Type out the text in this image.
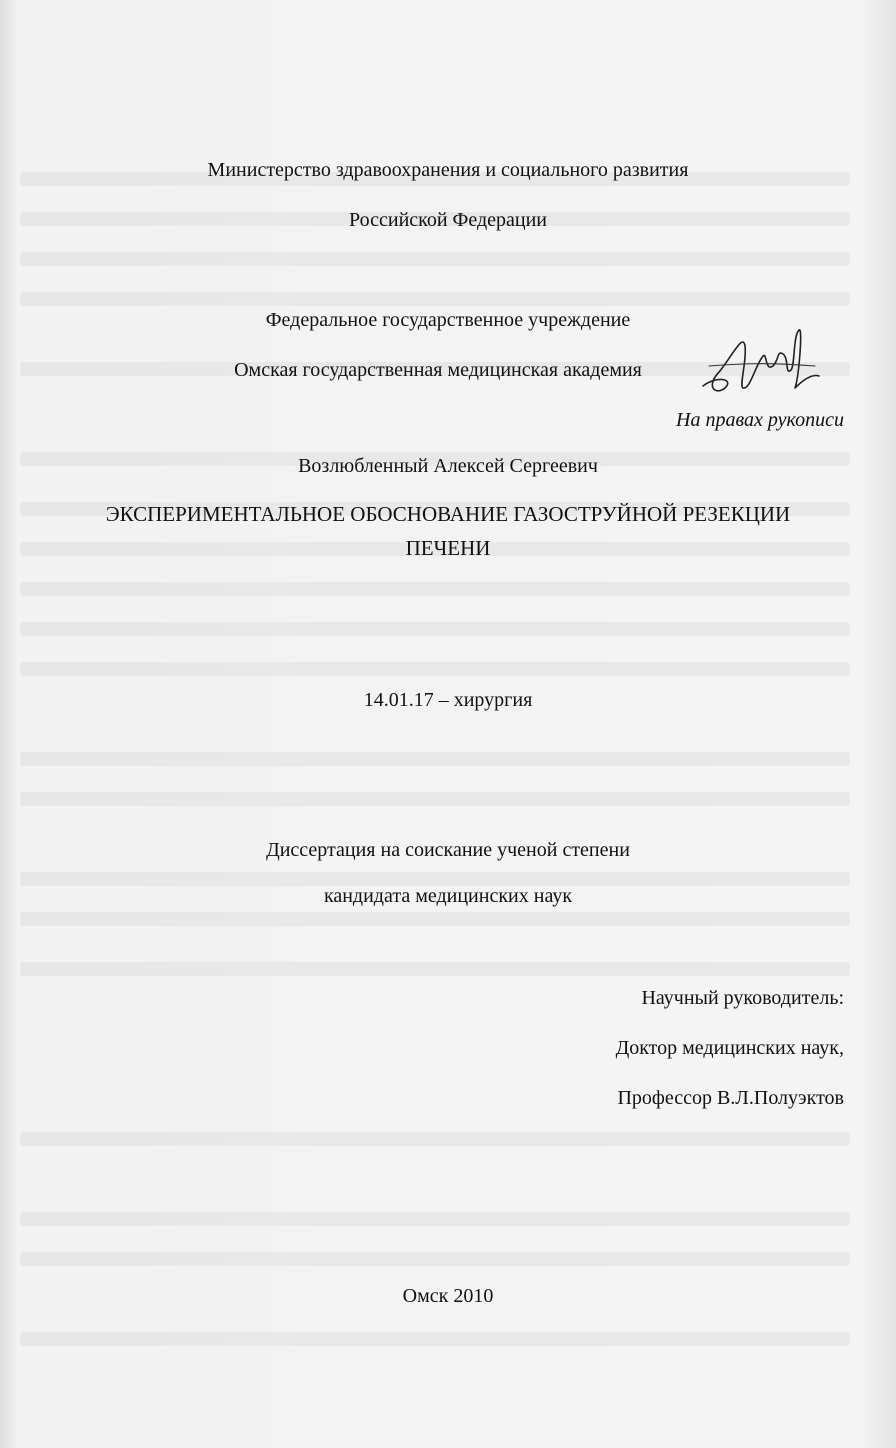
Министерство здравоохранения и социального развития
Российской Федерации
Федеральное государственное учреждение
Омская государственная медицинская академия
На правах рукописи
Возлюбленный Алексей Сергеевич
ЭКСПЕРИМЕНТАЛЬНОЕ ОБОСНОВАНИЕ ГАЗОСТРУЙНОЙ РЕЗЕКЦИИ
ПЕЧЕНИ
14.01.17 – хирургия
Диссертация на соискание ученой степени
кандидата медицинских наук
Научный руководитель:
Доктор медицинских наук,
Профессор В.Л.Полуэктов
Омск 2010
